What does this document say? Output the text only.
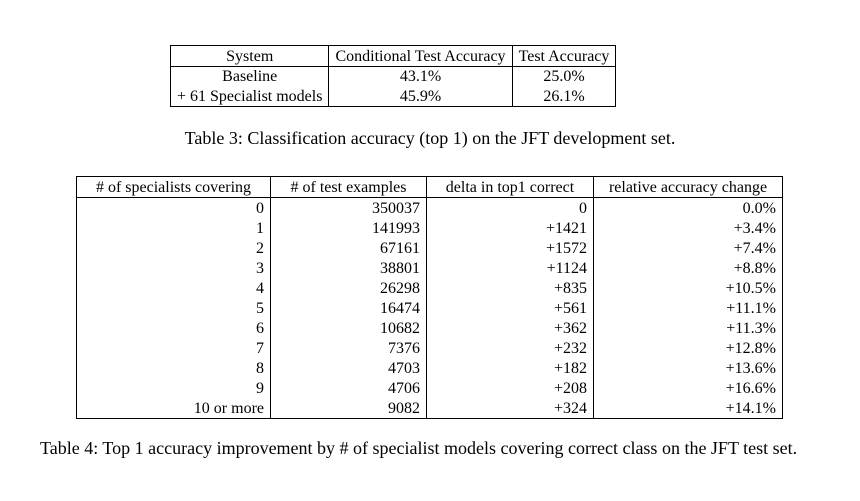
System	Conditional Test Accuracy	Test Accuracy
Baseline	43.1%	25.0%
+ 61 Specialist models	45.9%	26.1%
Table 3: Classification accuracy (top 1) on the JFT development set.
# of specialists covering	# of test examples	delta in top1 correct	relative accuracy change
0	350037	0	0.0%
1	141993	+1421	+3.4%
2	67161	+1572	+7.4%
3	38801	+1124	+8.8%
4	26298	+835	+10.5%
5	16474	+561	+11.1%
6	10682	+362	+11.3%
7	7376	+232	+12.8%
8	4703	+182	+13.6%
9	4706	+208	+16.6%
10 or more	9082	+324	+14.1%
Table 4: Top 1 accuracy improvement by # of specialist models covering correct class on the JFT test set.
